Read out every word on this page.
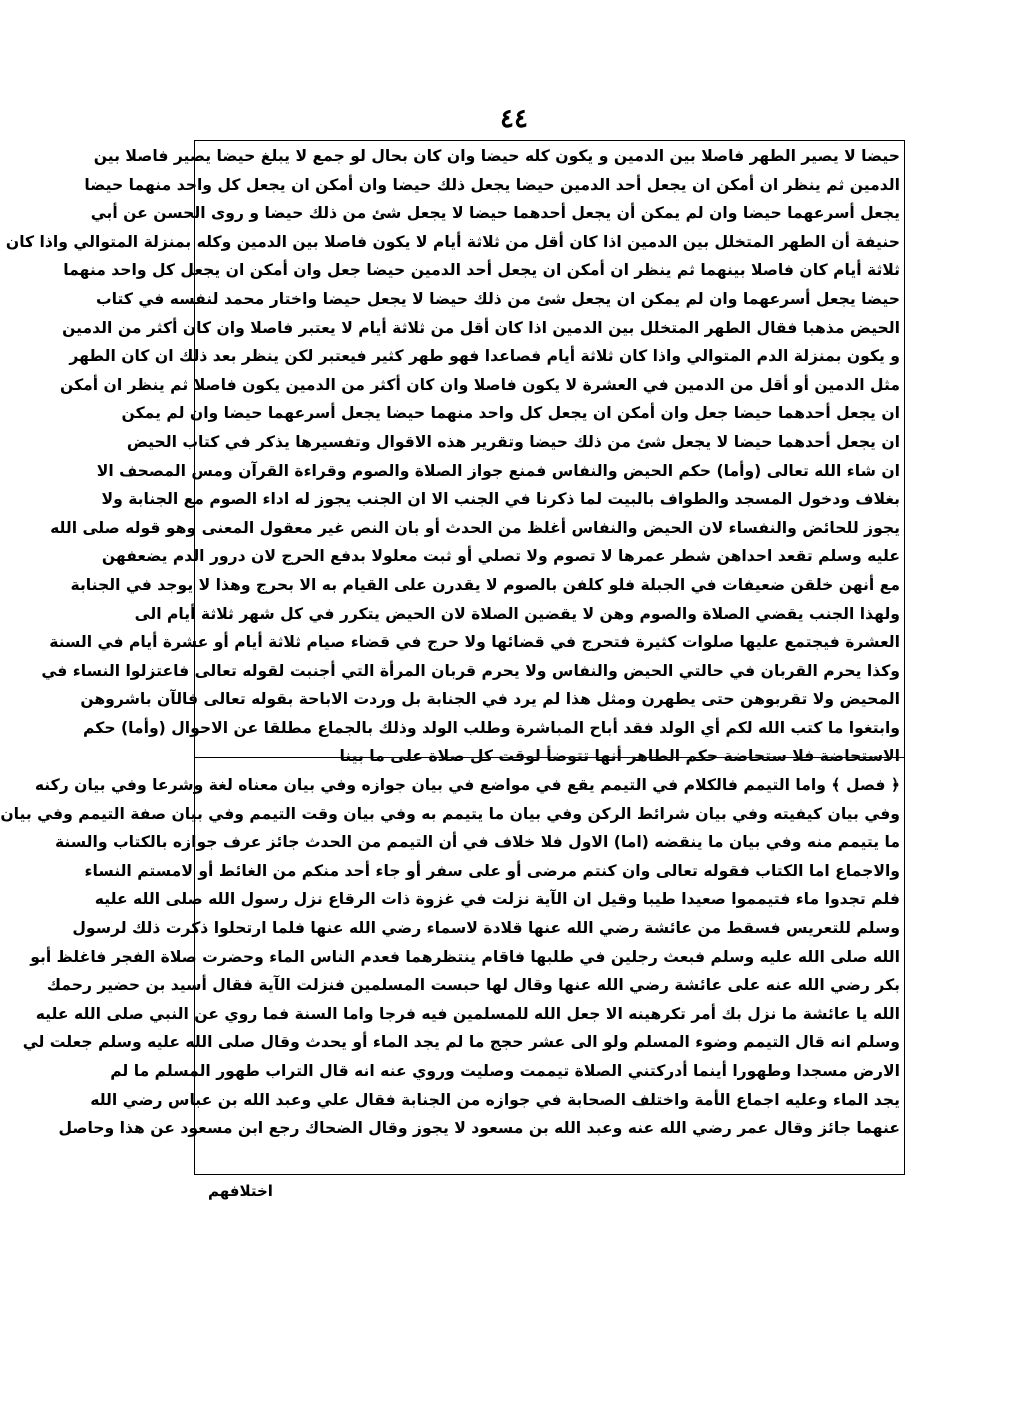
٤٤
حيضا لا يصير الطهر فاصلا بين الدمين و يكون كله حيضا وان كان بحال لو جمع لا يبلغ حيضا يصير فاصلا بين
الدمين ثم ينظر ان أمكن ان يجعل أحد الدمين حيضا يجعل ذلك حيضا وان أمكن ان يجعل كل واحد منهما حيضا
يجعل أسرعهما حيضا وان لم يمكن أن يجعل أحدهما حيضا لا يجعل شئ من ذلك حيضا و روى الحسن عن أبي
حنيفة أن الطهر المتخلل بين الدمين اذا كان أقل من ثلاثة أيام لا يكون فاصلا بين الدمين وكله بمنزلة المتوالي واذا كان
ثلاثة أيام كان فاصلا بينهما ثم ينظر ان أمكن ان يجعل أحد الدمين حيضا جعل وان أمكن ان يجعل كل واحد منهما
حيضا يجعل أسرعهما وان لم يمكن ان يجعل شئ من ذلك حيضا لا يجعل حيضا واختار محمد لنفسه في كتاب
الحيض مذهبا فقال الطهر المتخلل بين الدمين اذا كان أقل من ثلاثة أيام لا يعتبر فاصلا وان كان أكثر من الدمين
و يكون بمنزلة الدم المتوالي واذا كان ثلاثة أيام فصاعدا فهو طهر كثير فيعتبر لكن ينظر بعد ذلك ان كان الطهر
مثل الدمين أو أقل من الدمين في العشرة لا يكون فاصلا وان كان أكثر من الدمين يكون فاصلا ثم ينظر ان أمكن
ان يجعل أحدهما حيضا جعل وان أمكن ان يجعل كل واحد منهما حيضا يجعل أسرعهما حيضا وان لم يمكن
ان يجعل أحدهما حيضا لا يجعل شئ من ذلك حيضا وتقرير هذه الاقوال وتفسيرها يذكر في كتاب الحيض
ان شاء الله تعالى (وأما) حكم الحيض والنفاس فمنع جواز الصلاة والصوم وقراءة القرآن ومس المصحف الا
بغلاف ودخول المسجد والطواف بالبيت لما ذكرنا في الجنب الا ان الجنب يجوز له اداء الصوم مع الجنابة ولا
يجوز للحائض والنفساء لان الحيض والنفاس أغلظ من الحدث أو بان النص غير معقول المعنى وهو قوله صلى الله
عليه وسلم تقعد احداهن شطر عمرها لا تصوم ولا تصلي أو ثبت معلولا بدفع الحرج لان درور الدم يضعفهن
مع أنهن خلقن ضعيفات في الجبلة فلو كلفن بالصوم لا يقدرن على القيام به الا بحرج وهذا لا يوجد في الجنابة
ولهذا الجنب يقضي الصلاة والصوم وهن لا يقضين الصلاة لان الحيض يتكرر في كل شهر ثلاثة أيام الى
العشرة فيجتمع عليها صلوات كثيرة فتحرج في قضائها ولا حرج في قضاء صيام ثلاثة أيام أو عشرة أيام في السنة
وكذا يحرم القربان في حالتي الحيض والنفاس ولا يحرم قربان المرأة التي أجنبت لقوله تعالى فاعتزلوا النساء في
المحيض ولا تقربوهن حتى يطهرن ومثل هذا لم يرد في الجنابة بل وردت الاباحة بقوله تعالى فالآن باشروهن
وابتغوا ما كتب الله لكم أي الولد فقد أباح المباشرة وطلب الولد وذلك بالجماع مطلقا عن الاحوال (وأما) حكم
الاستحاضة فلا ستحاضة حكم الطاهر أنها تتوضأ لوقت كل صلاة على ما بينا
﴿ فصل ﴾ واما التيمم فالكلام في التيمم يقع في مواضع في بيان جوازه وفي بيان معناه لغة وشرعا وفي بيان ركنه
وفي بيان كيفيته وفي بيان شرائط الركن وفي بيان ما يتيمم به وفي بيان وقت التيمم وفي بيان صفة التيمم وفي بيان
ما يتيمم منه وفي بيان ما ينقضه (اما) الاول فلا خلاف في أن التيمم من الحدث جائز عرف جوازه بالكتاب والسنة
والاجماع اما الكتاب فقوله تعالى وان كنتم مرضى أو على سفر أو جاء أحد منكم من الغائط أو لامستم النساء
فلم تجدوا ماء فتيمموا صعيدا طيبا وقيل ان الآية نزلت في غزوة ذات الرقاع نزل رسول الله صلى الله عليه
وسلم للتعريس فسقط من عائشة رضي الله عنها قلادة لاسماء رضي الله عنها فلما ارتحلوا ذكرت ذلك لرسول
الله صلى الله عليه وسلم فبعث رجلين في طلبها فاقام ينتظرهما فعدم الناس الماء وحضرت صلاة الفجر فاغلظ أبو
بكر رضي الله عنه على عائشة رضي الله عنها وقال لها حبست المسلمين فنزلت الآية فقال أسيد بن حضير رحمك
الله يا عائشة ما نزل بك أمر تكرهينه الا جعل الله للمسلمين فيه فرجا واما السنة فما روي عن النبي صلى الله عليه
وسلم انه قال التيمم وضوء المسلم ولو الى عشر حجج ما لم يجد الماء أو يحدث وقال صلى الله عليه وسلم جعلت لي
الارض مسجدا وطهورا أينما أدركتني الصلاة تيممت وصليت وروي عنه انه قال التراب طهور المسلم ما لم
يجد الماء وعليه اجماع الأمة واختلف الصحابة في جوازه من الجنابة فقال علي وعبد الله بن عباس رضي الله
عنهما جائز وقال عمر رضي الله عنه وعبد الله بن مسعود لا يجوز وقال الضحاك رجع ابن مسعود عن هذا وحاصل
اختلافهم
